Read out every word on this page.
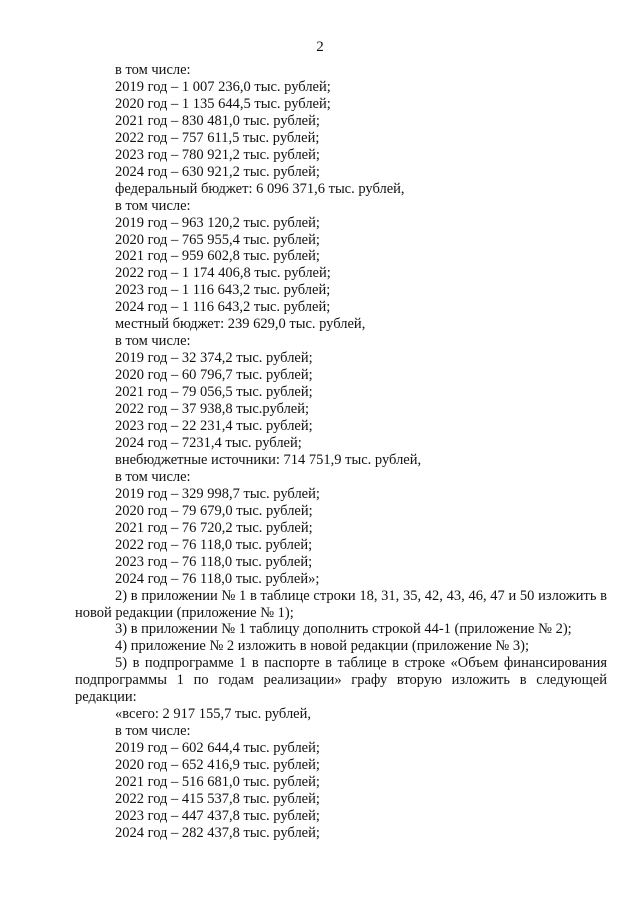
2

в том числе:

2019 год – 1 007 236,0 тыс. рублей;

2020 год – 1 135 644,5 тыс. рублей;

2021 год – 830 481,0 тыс. рублей;

2022 год – 757 611,5 тыс. рублей;

2023 год – 780 921,2 тыс. рублей;

2024 год – 630 921,2 тыс. рублей;

федеральный бюджет: 6 096 371,6 тыс. рублей,

в том числе:

2019 год – 963 120,2 тыс. рублей;

2020 год – 765 955,4 тыс. рублей;

2021 год – 959 602,8 тыс. рублей;

2022 год – 1 174 406,8 тыс. рублей;

2023 год – 1 116 643,2 тыс. рублей;

2024 год – 1 116 643,2 тыс. рублей;

местный бюджет: 239 629,0 тыс. рублей,

в том числе:

2019 год – 32 374,2 тыс. рублей;

2020 год – 60 796,7 тыс. рублей;

2021 год – 79 056,5 тыс. рублей;

2022 год – 37 938,8 тыс.рублей;

2023 год – 22 231,4 тыс. рублей;

2024 год – 7231,4 тыс. рублей;

внебюджетные источники: 714 751,9 тыс. рублей,

в том числе:

2019 год – 329 998,7 тыс. рублей;

2020 год – 79 679,0 тыс. рублей;

2021 год – 76 720,2 тыс. рублей;

2022 год – 76 118,0 тыс. рублей;

2023 год – 76 118,0 тыс. рублей;

2024 год – 76 118,0 тыс. рублей»;

2) в приложении № 1 в таблице строки 18, 31, 35, 42, 43, 46, 47 и 50 изложить в новой редакции (приложение № 1);

3) в приложении № 1 таблицу дополнить строкой 44-1 (приложение № 2);

4) приложение № 2 изложить в новой редакции (приложение № 3);

5) в подпрограмме 1 в паспорте в таблице в строке «Объем финансирования подпрограммы 1 по годам реализации» графу вторую изложить в следующей редакции:

«всего: 2 917 155,7 тыс. рублей,

в том числе:

2019 год – 602 644,4 тыс. рублей;

2020 год – 652 416,9 тыс. рублей;

2021 год – 516 681,0 тыс. рублей;

2022 год – 415 537,8 тыс. рублей;

2023 год – 447 437,8 тыс. рублей;

2024 год – 282 437,8 тыс. рублей;
